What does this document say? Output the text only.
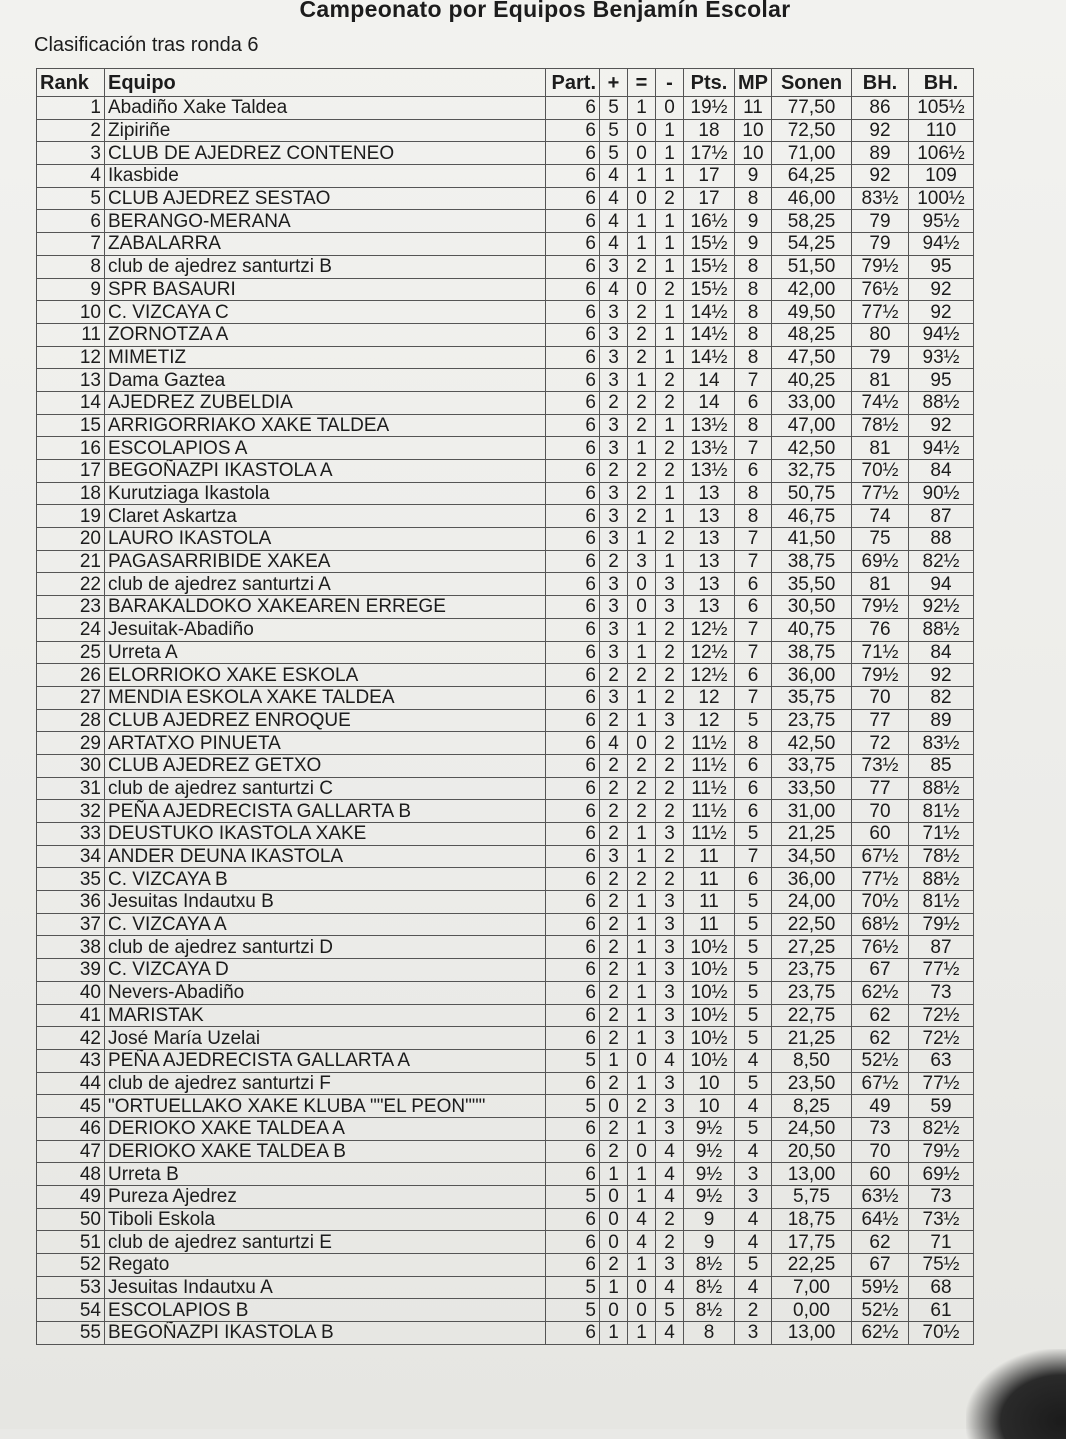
Campeonato por Equipos Benjamín Escolar
Clasificación tras ronda 6
Rank	Equipo	Part.	+	=	-	Pts.	MP	Sonen	BH.	BH.
1	Abadiño Xake Taldea	6	5	1	0	19½	11	77,50	86	105½
2	Zipiriñe	6	5	0	1	18	10	72,50	92	110
3	CLUB DE AJEDREZ CONTENEO	6	5	0	1	17½	10	71,00	89	106½
4	Ikasbide	6	4	1	1	17	9	64,25	92	109
5	CLUB AJEDREZ SESTAO	6	4	0	2	17	8	46,00	83½	100½
6	BERANGO-MERANA	6	4	1	1	16½	9	58,25	79	95½
7	ZABALARRA	6	4	1	1	15½	9	54,25	79	94½
8	club de ajedrez santurtzi B	6	3	2	1	15½	8	51,50	79½	95
9	SPR BASAURI	6	4	0	2	15½	8	42,00	76½	92
10	C. VIZCAYA C	6	3	2	1	14½	8	49,50	77½	92
11	ZORNOTZA A	6	3	2	1	14½	8	48,25	80	94½
12	MIMETIZ	6	3	2	1	14½	8	47,50	79	93½
13	Dama Gaztea	6	3	1	2	14	7	40,25	81	95
14	AJEDREZ ZUBELDIA	6	2	2	2	14	6	33,00	74½	88½
15	ARRIGORRIAKO XAKE TALDEA	6	3	2	1	13½	8	47,00	78½	92
16	ESCOLAPIOS A	6	3	1	2	13½	7	42,50	81	94½
17	BEGOÑAZPI IKASTOLA A	6	2	2	2	13½	6	32,75	70½	84
18	Kurutziaga Ikastola	6	3	2	1	13	8	50,75	77½	90½
19	Claret Askartza	6	3	2	1	13	8	46,75	74	87
20	LAURO IKASTOLA	6	3	1	2	13	7	41,50	75	88
21	PAGASARRIBIDE XAKEA	6	2	3	1	13	7	38,75	69½	82½
22	club de ajedrez santurtzi A	6	3	0	3	13	6	35,50	81	94
23	BARAKALDOKO XAKEAREN ERREGE	6	3	0	3	13	6	30,50	79½	92½
24	Jesuitak-Abadiño	6	3	1	2	12½	7	40,75	76	88½
25	Urreta A	6	3	1	2	12½	7	38,75	71½	84
26	ELORRIOKO XAKE ESKOLA	6	2	2	2	12½	6	36,00	79½	92
27	MENDIA ESKOLA XAKE TALDEA	6	3	1	2	12	7	35,75	70	82
28	CLUB AJEDREZ ENROQUE	6	2	1	3	12	5	23,75	77	89
29	ARTATXO PINUETA	6	4	0	2	11½	8	42,50	72	83½
30	CLUB AJEDREZ GETXO	6	2	2	2	11½	6	33,75	73½	85
31	club de ajedrez santurtzi C	6	2	2	2	11½	6	33,50	77	88½
32	PEÑA AJEDRECISTA GALLARTA B	6	2	2	2	11½	6	31,00	70	81½
33	DEUSTUKO IKASTOLA XAKE	6	2	1	3	11½	5	21,25	60	71½
34	ANDER DEUNA IKASTOLA	6	3	1	2	11	7	34,50	67½	78½
35	C. VIZCAYA B	6	2	2	2	11	6	36,00	77½	88½
36	Jesuitas Indautxu B	6	2	1	3	11	5	24,00	70½	81½
37	C. VIZCAYA A	6	2	1	3	11	5	22,50	68½	79½
38	club de ajedrez santurtzi D	6	2	1	3	10½	5	27,25	76½	87
39	C. VIZCAYA D	6	2	1	3	10½	5	23,75	67	77½
40	Nevers-Abadiño	6	2	1	3	10½	5	23,75	62½	73
41	MARISTAK	6	2	1	3	10½	5	22,75	62	72½
42	José María Uzelai	6	2	1	3	10½	5	21,25	62	72½
43	PEÑA AJEDRECISTA GALLARTA A	5	1	0	4	10½	4	8,50	52½	63
44	club de ajedrez santurtzi F	6	2	1	3	10	5	23,50	67½	77½
45	"ORTUELLAKO XAKE KLUBA ""EL PEON"""	5	0	2	3	10	4	8,25	49	59
46	DERIOKO XAKE TALDEA A	6	2	1	3	9½	5	24,50	73	82½
47	DERIOKO XAKE TALDEA B	6	2	0	4	9½	4	20,50	70	79½
48	Urreta B	6	1	1	4	9½	3	13,00	60	69½
49	Pureza Ajedrez	5	0	1	4	9½	3	5,75	63½	73
50	Tiboli Eskola	6	0	4	2	9	4	18,75	64½	73½
51	club de ajedrez santurtzi E	6	0	4	2	9	4	17,75	62	71
52	Regato	6	2	1	3	8½	5	22,25	67	75½
53	Jesuitas Indautxu A	5	1	0	4	8½	4	7,00	59½	68
54	ESCOLAPIOS B	5	0	0	5	8½	2	0,00	52½	61
55	BEGOÑAZPI IKASTOLA B	6	1	1	4	8	3	13,00	62½	70½
